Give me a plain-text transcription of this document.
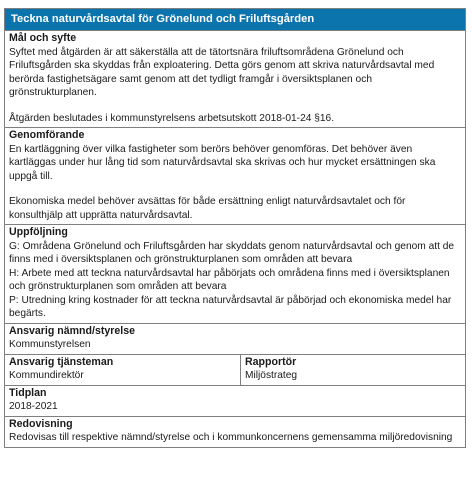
Teckna naturvårdsavtal för Grönelund och Friluftsgården
Mål och syfte
Syftet med åtgärden är att säkerställa att de tätortsnära friluftsområdena Grönelund och Friluftsgården ska skyddas från exploatering. Detta görs genom att skriva naturvårdsavtal med berörda fastighetsägare samt genom att det tydligt framgår i översiktsplanen och grönstrukturplanen.
Åtgärden beslutades i kommunstyrelsens arbetsutskott 2018-01-24 §16.
Genomförande
En kartläggning över vilka fastigheter som berörs behöver genomföras. Det behöver även kartläggas under hur lång tid som naturvårdsavtal ska skrivas och hur mycket ersättningen ska uppgå till.
Ekonomiska medel behöver avsättas för både ersättning enligt naturvårdsavtalet och för konsulthjälp att upprätta naturvårdsavtal.
Uppföljning
G: Områdena Grönelund och Friluftsgården har skyddats genom naturvårdsavtal och genom att de finns med i översiktsplanen och grönstrukturplanen som områden att bevara
H: Arbete med att teckna naturvårdsavtal har påbörjats och områdena finns med i översiktsplanen och grönstrukturplanen som områden att bevara
P: Utredning kring kostnader för att teckna naturvårdsavtal är påbörjad och ekonomiska medel har begärts.
Ansvarig nämnd/styrelse
Kommunstyrelsen
Ansvarig tjänsteman
Kommundirektör
Rapportör
Miljöstrateg
Tidplan
2018-2021
Redovisning
Redovisas till respektive nämnd/styrelse och i kommunkoncernens gemensamma miljöredovisning
